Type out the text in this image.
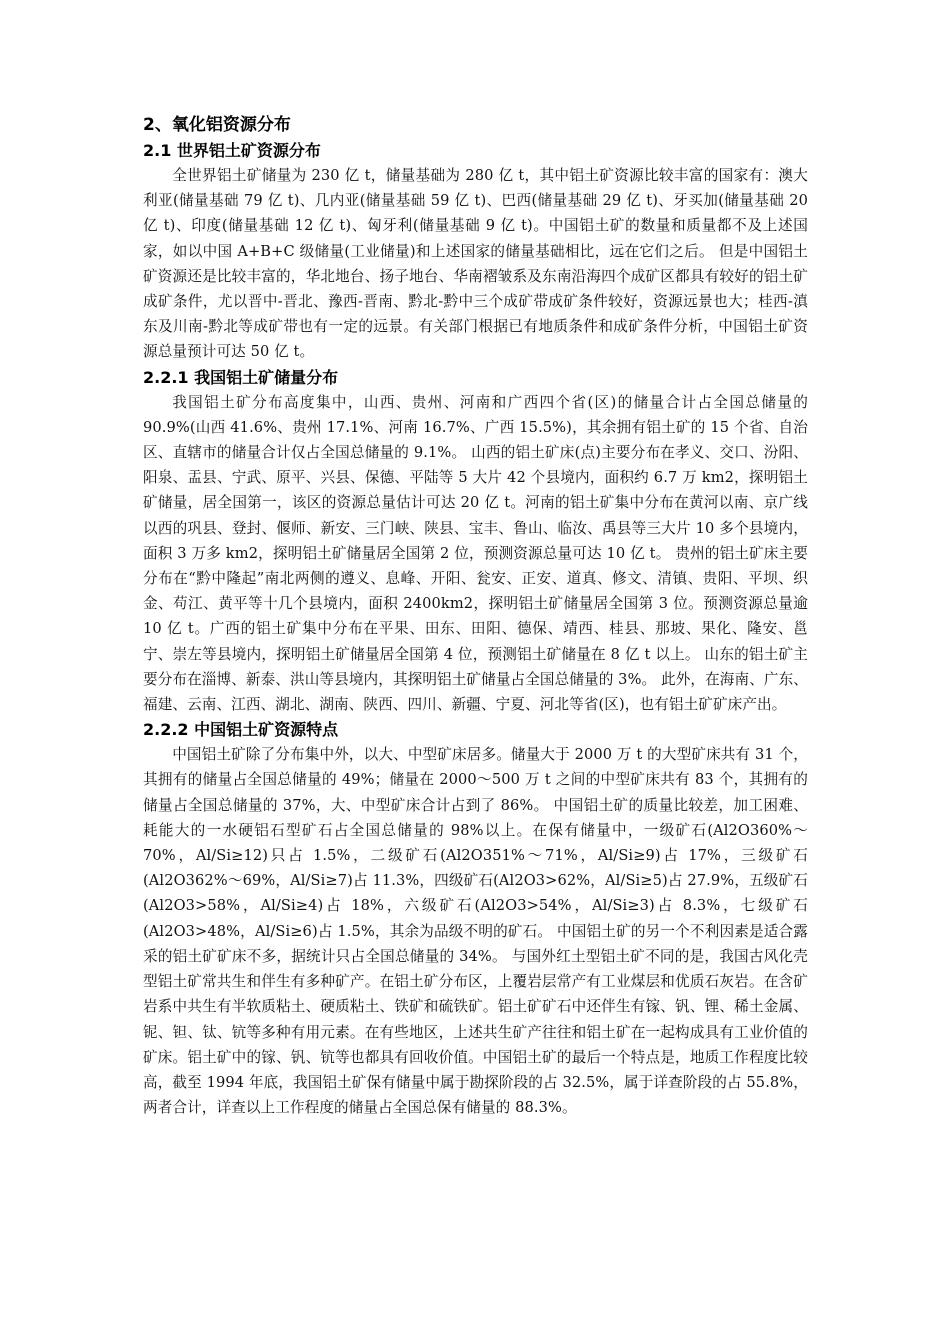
2、氧化铝资源分布
2.1 世界铝土矿资源分布

全世界铝土矿储量为 230 亿 t，储量基础为 280 亿 t，其中铝土矿资源比较丰富的国家有：澳大利亚(储量基础 79 亿 t)、几内亚(储量基础 59 亿 t)、巴西(储量基础 29 亿 t)、牙买加(储量基础 20 亿 t)、印度(储量基础 12 亿 t)、匈牙利(储量基础 9 亿 t)。中国铝土矿的数量和质量都不及上述国家，如以中国 A+B+C 级储量(工业储量)和上述国家的储量基础相比，远在它们之后。 但是中国铝土矿资源还是比较丰富的，华北地台、扬子地台、华南褶皱系及东南沿海四个成矿区都具有较好的铝土矿成矿条件，尤以晋中-晋北、豫西-晋南、黔北-黔中三个成矿带成矿条件较好，资源远景也大；桂西-滇东及川南-黔北等成矿带也有一定的远景。有关部门根据已有地质条件和成矿条件分析，中国铝土矿资源总量预计可达 50 亿 t。

2.2.1 我国铝土矿储量分布

我国铝土矿分布高度集中，山西、贵州、河南和广西四个省(区)的储量合计占全国总储量的 90.9%(山西 41.6%、贵州 17.1%、河南 16.7%、广西 15.5%)，其余拥有铝土矿的 15 个省、自治区、直辖市的储量合计仅占全国总储量的 9.1%。 山西的铝土矿床(点)主要分布在孝义、交口、汾阳、阳泉、盂县、宁武、原平、兴县、保德、平陆等 5 大片 42 个县境内，面积约 6.7 万 km2，探明铝土矿储量，居全国第一，该区的资源总量估计可达 20 亿 t。河南的铝土矿集中分布在黄河以南、京广线以西的巩县、登封、偃师、新安、三门峡、陕县、宝丰、鲁山、临汝、禹县等三大片 10 多个县境内，面积 3 万多 km2，探明铝土矿储量居全国第 2 位，预测资源总量可达 10 亿 t。 贵州的铝土矿床主要分布在“黔中隆起”南北两侧的遵义、息峰、开阳、瓮安、正安、道真、修文、清镇、贵阳、平坝、织金、苟江、黄平等十几个县境内，面积 2400km2，探明铝土矿储量居全国第 3 位。预测资源总量逾 10 亿 t。广西的铝土矿集中分布在平果、田东、田阳、德保、靖西、桂县、那坡、果化、隆安、邕宁、崇左等县境内，探明铝土矿储量居全国第 4 位，预测铝土矿储量在 8 亿 t 以上。 山东的铝土矿主要分布在淄博、新泰、洪山等县境内，其探明铝土矿储量占全国总储量的 3%。 此外，在海南、广东、福建、云南、江西、湖北、湖南、陕西、四川、新疆、宁夏、河北等省(区)，也有铝土矿矿床产出。

2.2.2 中国铝土矿资源特点

中国铝土矿除了分布集中外，以大、中型矿床居多。储量大于 2000 万 t 的大型矿床共有 31 个，其拥有的储量占全国总储量的 49%；储量在 2000～500 万 t 之间的中型矿床共有 83 个，其拥有的储量占全国总储量的 37%，大、中型矿床合计占到了 86%。 中国铝土矿的质量比较差，加工困难、耗能大的一水硬铝石型矿石占全国总储量的 98%以上。在保有储量中，一级矿石(Al2O360%～70%，Al/Si≥12)只占 1.5%，二级矿石(Al2O351%～71%，Al/Si≥9)占 17%，三级矿石(Al2O362%～69%，Al/Si≥7)占 11.3%，四级矿石(Al2O3>62%，Al/Si≥5)占 27.9%，五级矿石(Al2O3>58%，Al/Si≥4)占 18%，六级矿石(Al2O3>54%，Al/Si≥3)占 8.3%，七级矿石(Al2O3>48%，Al/Si≥6)占 1.5%，其余为品级不明的矿石。 中国铝土矿的另一个不利因素是适合露采的铝土矿矿床不多，据统计只占全国总储量的 34%。 与国外红土型铝土矿不同的是，我国古风化壳型铝土矿常共生和伴生有多种矿产。在铝土矿分布区，上覆岩层常产有工业煤层和优质石灰岩。在含矿岩系中共生有半软质粘土、硬质粘土、铁矿和硫铁矿。铝土矿矿石中还伴生有镓、钒、锂、稀土金属、铌、钽、钛、钪等多种有用元素。在有些地区，上述共生矿产往往和铝土矿在一起构成具有工业价值的矿床。铝土矿中的镓、钒、钪等也都具有回收价值。中国铝土矿的最后一个特点是，地质工作程度比较高，截至 1994 年底，我国铝土矿保有储量中属于勘探阶段的占 32.5%，属于详查阶段的占 55.8%，两者合计，详查以上工作程度的储量占全国总保有储量的 88.3%。
